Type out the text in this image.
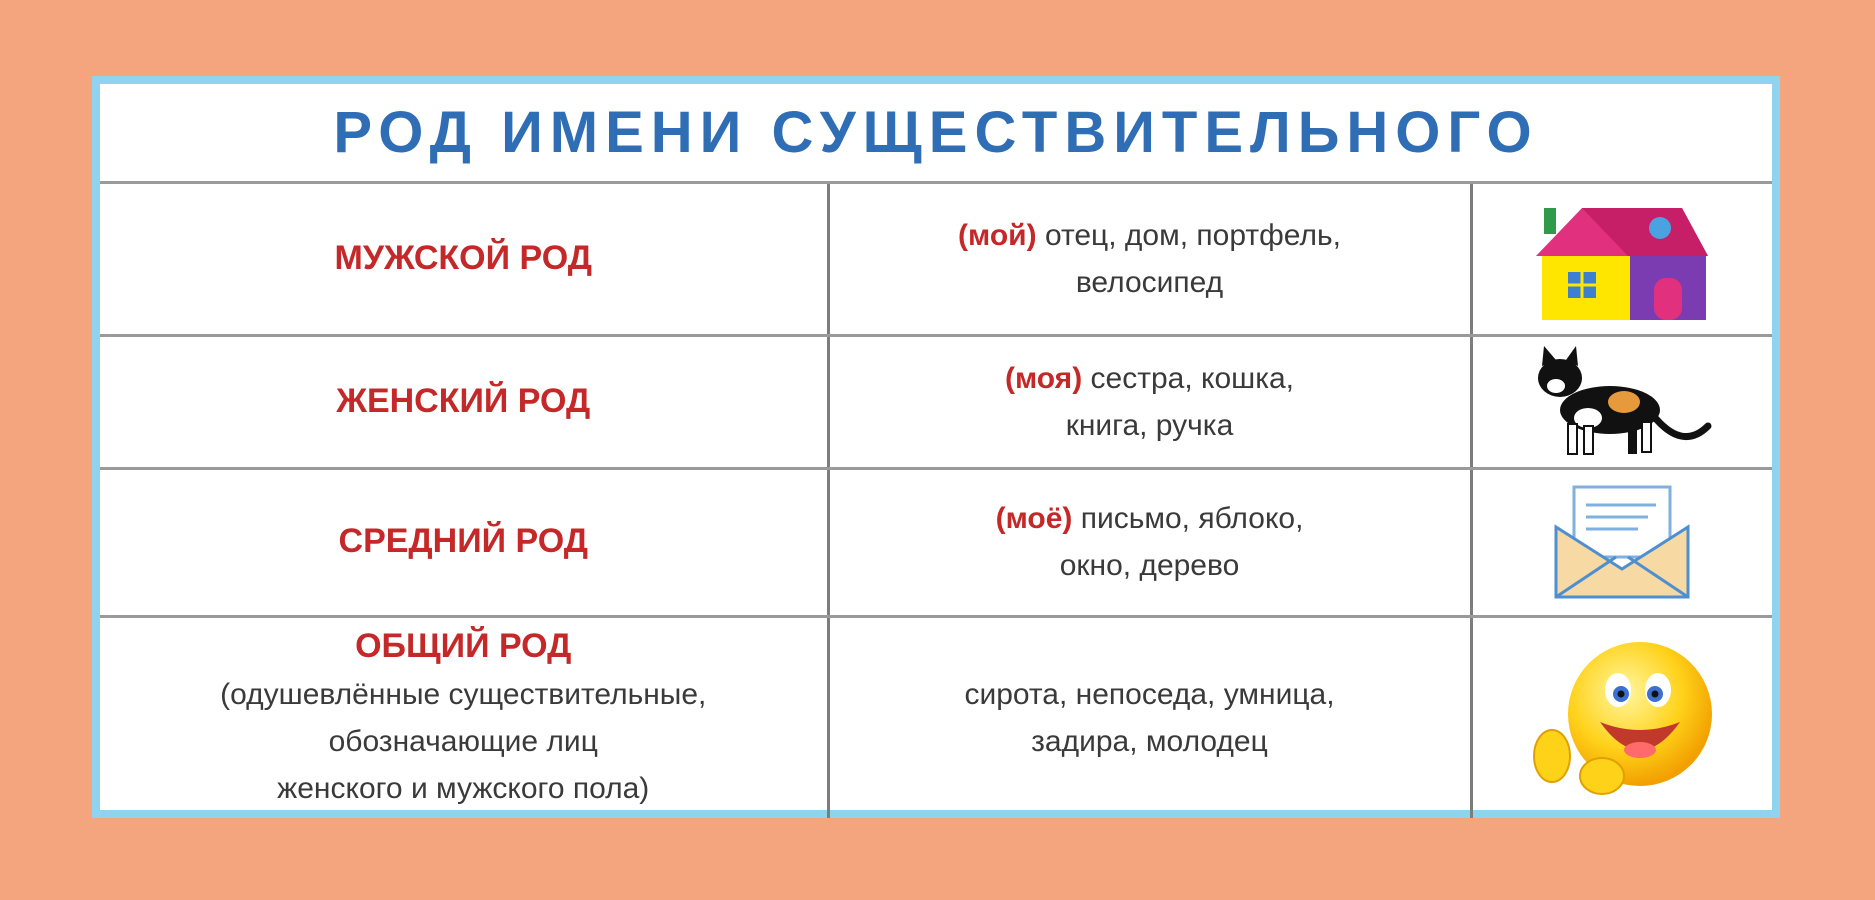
РОД ИМЕНИ СУЩЕСТВИТЕЛЬНОГО
МУЖСКОЙ РОД	(мой) отец, дом, портфель,
велосипед	

ЖЕНСКИЙ РОД	(моя) сестра, кошка,
книга, ручка	

СРЕДНИЙ РОД	(моё) письмо, яблоко,
окно, дерево	

ОБЩИЙ РОД
(одушевлённые существительные,
обозначающие лиц
женского и мужского пола)	сирота, непоседа, умница,
задира, молодец	
